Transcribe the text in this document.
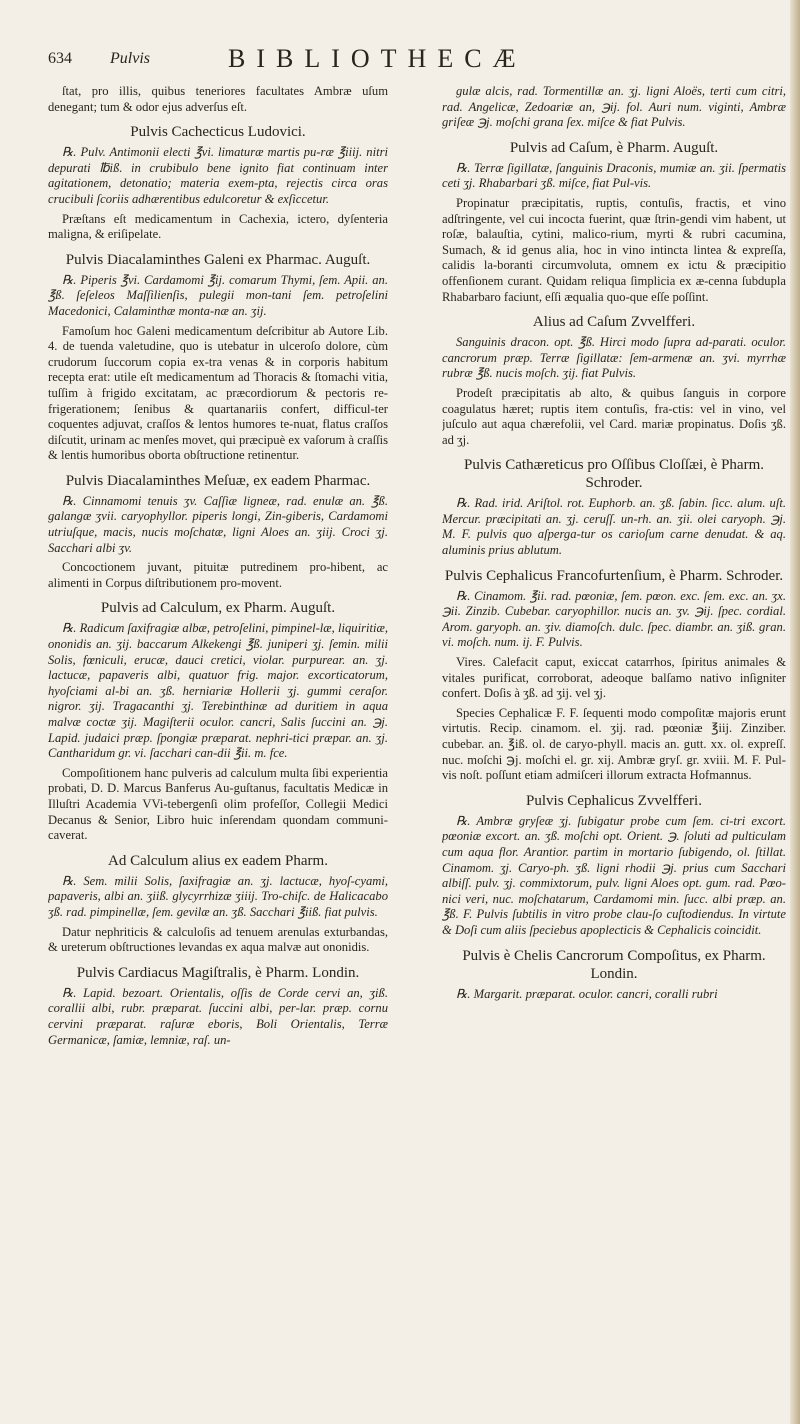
634 Pulvis	BIBLIOTHECÆ
ſtat, pro illis, quibus teneriores facultates Ambræ uſum denegant; tum & odor ejus adverſus eſt.
Pulvis Cachecticus Ludovici.
℞. Pulv. Antimonii electi ℥vi. limaturæ martis pu-ræ ℥iiij. nitri depurati ℔iß. in crubibulo bene ignito fiat continuam inter agitationem, detonatio; materia exem-pta, rejectis circa oras crucibuli ſcoriis adhærentibus edulcoretur & exſiccetur.
Præſtans eſt medicamentum in Cachexia, ictero, dyſenteria maligna, & eriſipelate.
Pulvis Diacalaminthes Galeni ex Pharmac. Auguſt.
℞. Piperis ℥vi. Cardamomi ℥ij. comarum Thymi, ſem. Apii. an. ℥ß. ſeſeleos Maſſilienſis, pulegii mon-tani ſem. petroſelini Macedonici, Calaminthæ monta-næ an. ʒij.
Famoſum hoc Galeni medicamentum deſcribitur ab Autore Lib. 4. de tuenda valetudine, quo is utebatur in ulceroſo dolore, cùm crudorum ſuccorum copia ex-tra venas & in corporis habitum recepta erat: utile eſt medicamentum ad Thoracis & ſtomachi vitia, tuſſim à frigido excitatam, ac præcordiorum & pectoris re-frigerationem; ſenibus & quartanariis confert, difficul-ter coquentes adjuvat, craſſos & lentos humores te-nuat, flatus craſſos diſcutit, urinam ac menſes movet, qui præcipuè ex vaſorum à craſſis & lentis humoribus oborta obſtructione retinentur.
Pulvis Diacalaminthes Meſuæ, ex eadem Pharmac.
℞. Cinnamomi tenuis ʒv. Caſſiæ ligneæ, rad. enulæ an. ℥ß. galangæ ʒvii. caryophyllor. piperis longi, Zin-giberis, Cardamomi utriuſque, macis, nucis moſchatæ, ligni Aloes an. ʒiij. Croci ʒj. Sacchari albi ʒv.
Concoctionem juvant, pituitæ putredinem pro-hibent, ac alimenti in Corpus diſtributionem pro-movent.
Pulvis ad Calculum, ex Pharm. Auguſt.
℞. Radicum ſaxifragiæ albæ, petroſelini, pimpinel-læ, liquiritiæ, ononidis an. ʒij. baccarum Alkekengi ℥ß. juniperi ʒj. ſemin. milii Solis, fœniculi, erucæ, dauci cretici, violar. purpurear. an. ʒj. lactucæ, papaveris albi, quatuor frig. major. excorticatorum, hyoſciami al-bi an. ʒß. herniariæ Hollerii ʒj. gummi ceraſor. nigror. ʒij. Tragacanthi ʒj. Terebinthinæ ad duritiem in aqua malvæ coctæ ʒij. Magiſterii oculor. cancri, Salis ſuccini an. ℈j. Lapid. judaici præp. ſpongiæ præparat. nephri-tici præpar. an. ʒj. Cantharidum gr. vi. ſacchari can-dii ℥ii. m. fce.
Compoſitionem hanc pulveris ad calculum multa ſibi experientia probati, D. D. Marcus Banferus Au-guſtanus, facultatis Medicæ in Illuſtri Academia VVi-tebergenſi olim profeſſor, Collegii Medici Decanus & Senior, Libro huic inſerendam quondam communi-caverat.
Ad Calculum alius ex eadem Pharm.
℞. Sem. milii Solis, ſaxifragiæ an. ʒj. lactucæ, hyoſ-cyami, papaveris, albi an. ʒiiß. glycyrrhizæ ʒiiij. Tro-chiſc. de Halicacabo ʒß. rad. pimpinellæ, ſem. gevilæ an. ʒß. Sacchari ℥iiß. fiat pulvis.
Datur nephriticis & calculoſis ad tenuem arenulas exturbandas, & ureterum obſtructiones levandas ex aqua malvæ aut ononidis.
Pulvis Cardiacus Magiſtralis, è Pharm. Londin.
℞. Lapid. bezoart. Orientalis, oſſis de Corde cervi an, ʒiß. corallii albi, rubr. præparat. ſuccini albi, per-lar. præp. cornu cervini præparat. raſuræ eboris, Boli Orientalis, Terræ Germanicæ, ſamiæ, lemniæ, raſ. un-
gulæ alcis, rad. Tormentillæ an. ʒj. ligni Aloës, terti cum citri, rad. Angelicæ, Zedoariæ an, ℈ij. fol. Auri num. viginti, Ambræ griſeæ ℈j. moſchi grana ſex. miſce & fiat Pulvis.
Pulvis ad Caſum, è Pharm. Auguſt.
℞. Terræ ſigillatæ, ſanguinis Draconis, mumiæ an. ʒii. ſpermatis ceti ʒj. Rhabarbari ʒß. miſce, fiat Pul-vis.
Propinatur præcipitatis, ruptis, contuſis, fractis, et vino adſtringente, vel cui incocta fuerint, quæ ſtrin-gendi vim habent, ut roſæ, balauſtia, cytini, malico-rium, myrti & rubri cacumina, Sumach, & id genus alia, hoc in vino intincta lintea & expreſſa, calidis la-boranti circumvoluta, omnem ex ictu & præcipitio offenſionem curant. Quidam reliqua ſimplicia ex æ-cenna ſubdupla Rhabarbaro faciunt, eſſi æqualia quo-que eſſe poſſint.
Alius ad Caſum Zvvelfferi.
Sanguinis dracon. opt. ℥ß. Hirci modo ſupra ad-parati. oculor. cancrorum præp. Terræ ſigillatæ: ſem-armenæ an. ʒvi. myrrhæ rubræ ℥ß. nucis moſch. ʒij. fiat Pulvis.
Prodeſt præcipitatis ab alto, & quibus ſanguis in corpore coagulatus hæret; ruptis item contuſis, fra-ctis: vel in vino, vel juſculo aut aqua chærefolii, vel Card. mariæ propinatus. Doſis ʒß. ad ʒj.
Pulvis Cathæreticus pro Oſſibus Cloſſæi, è Pharm. Schroder.
℞. Rad. irid. Ariſtol. rot. Euphorb. an. ʒß. ſabin. ſicc. alum. uſt. Mercur. præcipitati an. ʒj. ceruſſ. un-rh. an. ʒii. olei caryoph. ℈j. M. F. pulvis quo aſperga-tur os carioſum carne denudat. & aq. aluminis prius ablutum.
Pulvis Cephalicus Francofurtenſium, è Pharm. Schroder.
℞. Cinamom. ℥ii. rad. pœoniæ, ſem. pœon. exc. ſem. exc. an. ʒx. ℈ii. Zinzib. Cubebar. caryophillor. nucis an. ʒv. ℈ij. ſpec. cordial. Arom. garyoph. an. ʒiv. diamoſch. dulc. ſpec. diambr. an. ʒiß. gran. vi. moſch. num. ij. F. Pulvis.
Vires. Calefacit caput, exiccat catarrhos, ſpiritus animales & vitales purificat, corroborat, adeoque balſamo nativo inſigniter confert. Doſis à ʒß. ad ʒij. vel ʒj.
Species Cephalicæ F. F. ſequenti modo compoſitæ majoris erunt virtutis. Recip. cinamom. el. ʒij. rad. pœoniæ ℥iij. Zinziber. cubebar. an. ℥iß. ol. de caryo-phyll. macis an. gutt. xx. ol. expreſſ. nuc. moſchi ℈j. moſchi el. gr. xij. Ambræ gryſ. gr. xviii. M. F. Pul-vis noſt. poſſunt etiam admiſceri illorum extracta Hofmannus.
Pulvis Cephalicus Zvvelfferi.
℞. Ambræ gryſeæ ʒj. ſubigatur probe cum ſem. ci-tri excort. pœoniæ excort. an. ʒß. moſchi opt. Orient. ℈. ſoluti ad pulticulam cum aqua flor. Arantior. partim in mortario ſubigendo, ol. ſtillat. Cinamom. ʒj. Caryo-ph. ʒß. ligni rhodii ℈j. prius cum Sacchari albiſſ. pulv. ʒj. commixtorum, pulv. ligni Aloes opt. gum. rad. Pœo-nici veri, nuc. moſchatarum, Cardamomi min. ſucc. albi præp. an. ℥ß. F. Pulvis ſubtilis in vitro probe clau-ſo cuſtodiendus. In virtute & Doſi cum aliis ſpeciebus apoplecticis & Cephalicis coincidit.
Pulvis è Chelis Cancrorum Compoſitus, ex Pharm. Londin.
℞. Margarit. præparat. oculor. cancri, coralli rubri
